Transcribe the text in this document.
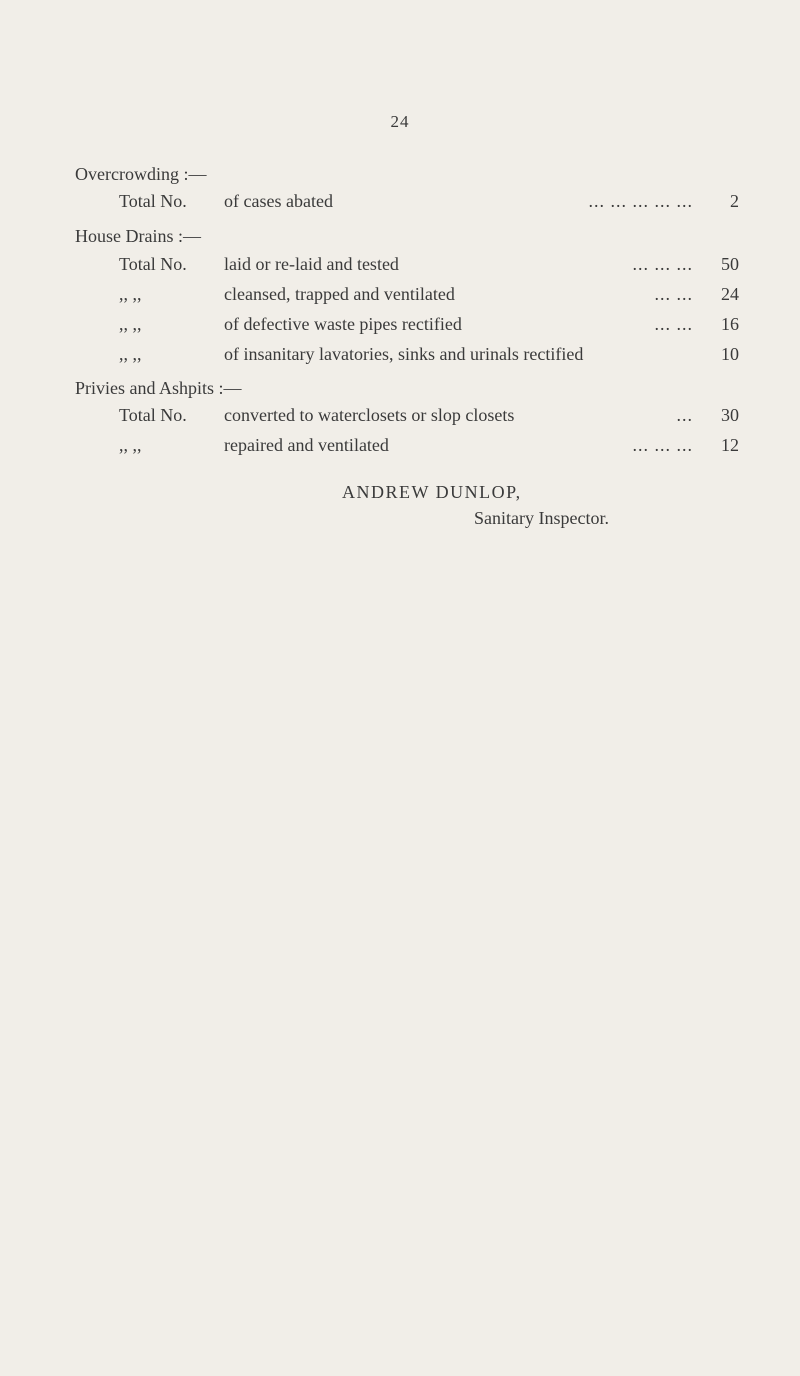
24
Overcrowding :—
Total No.	of cases abated	... ... ... ... ...	2
House Drains :—
Total No.	laid or re-laid and tested	... ... ...	50
,, ,,	cleansed, trapped and ventilated	... ...	24
,, ,,	of defective waste pipes rectified	... ...	16
,, ,,	of insanitary lavatories, sinks and urinals rectified	10
Privies and Ashpits :—
Total No.	converted to waterclosets or slop closets	...	30
,, ,,	repaired and ventilated	... ... ...	12
ANDREW DUNLOP,
Sanitary Inspector.
